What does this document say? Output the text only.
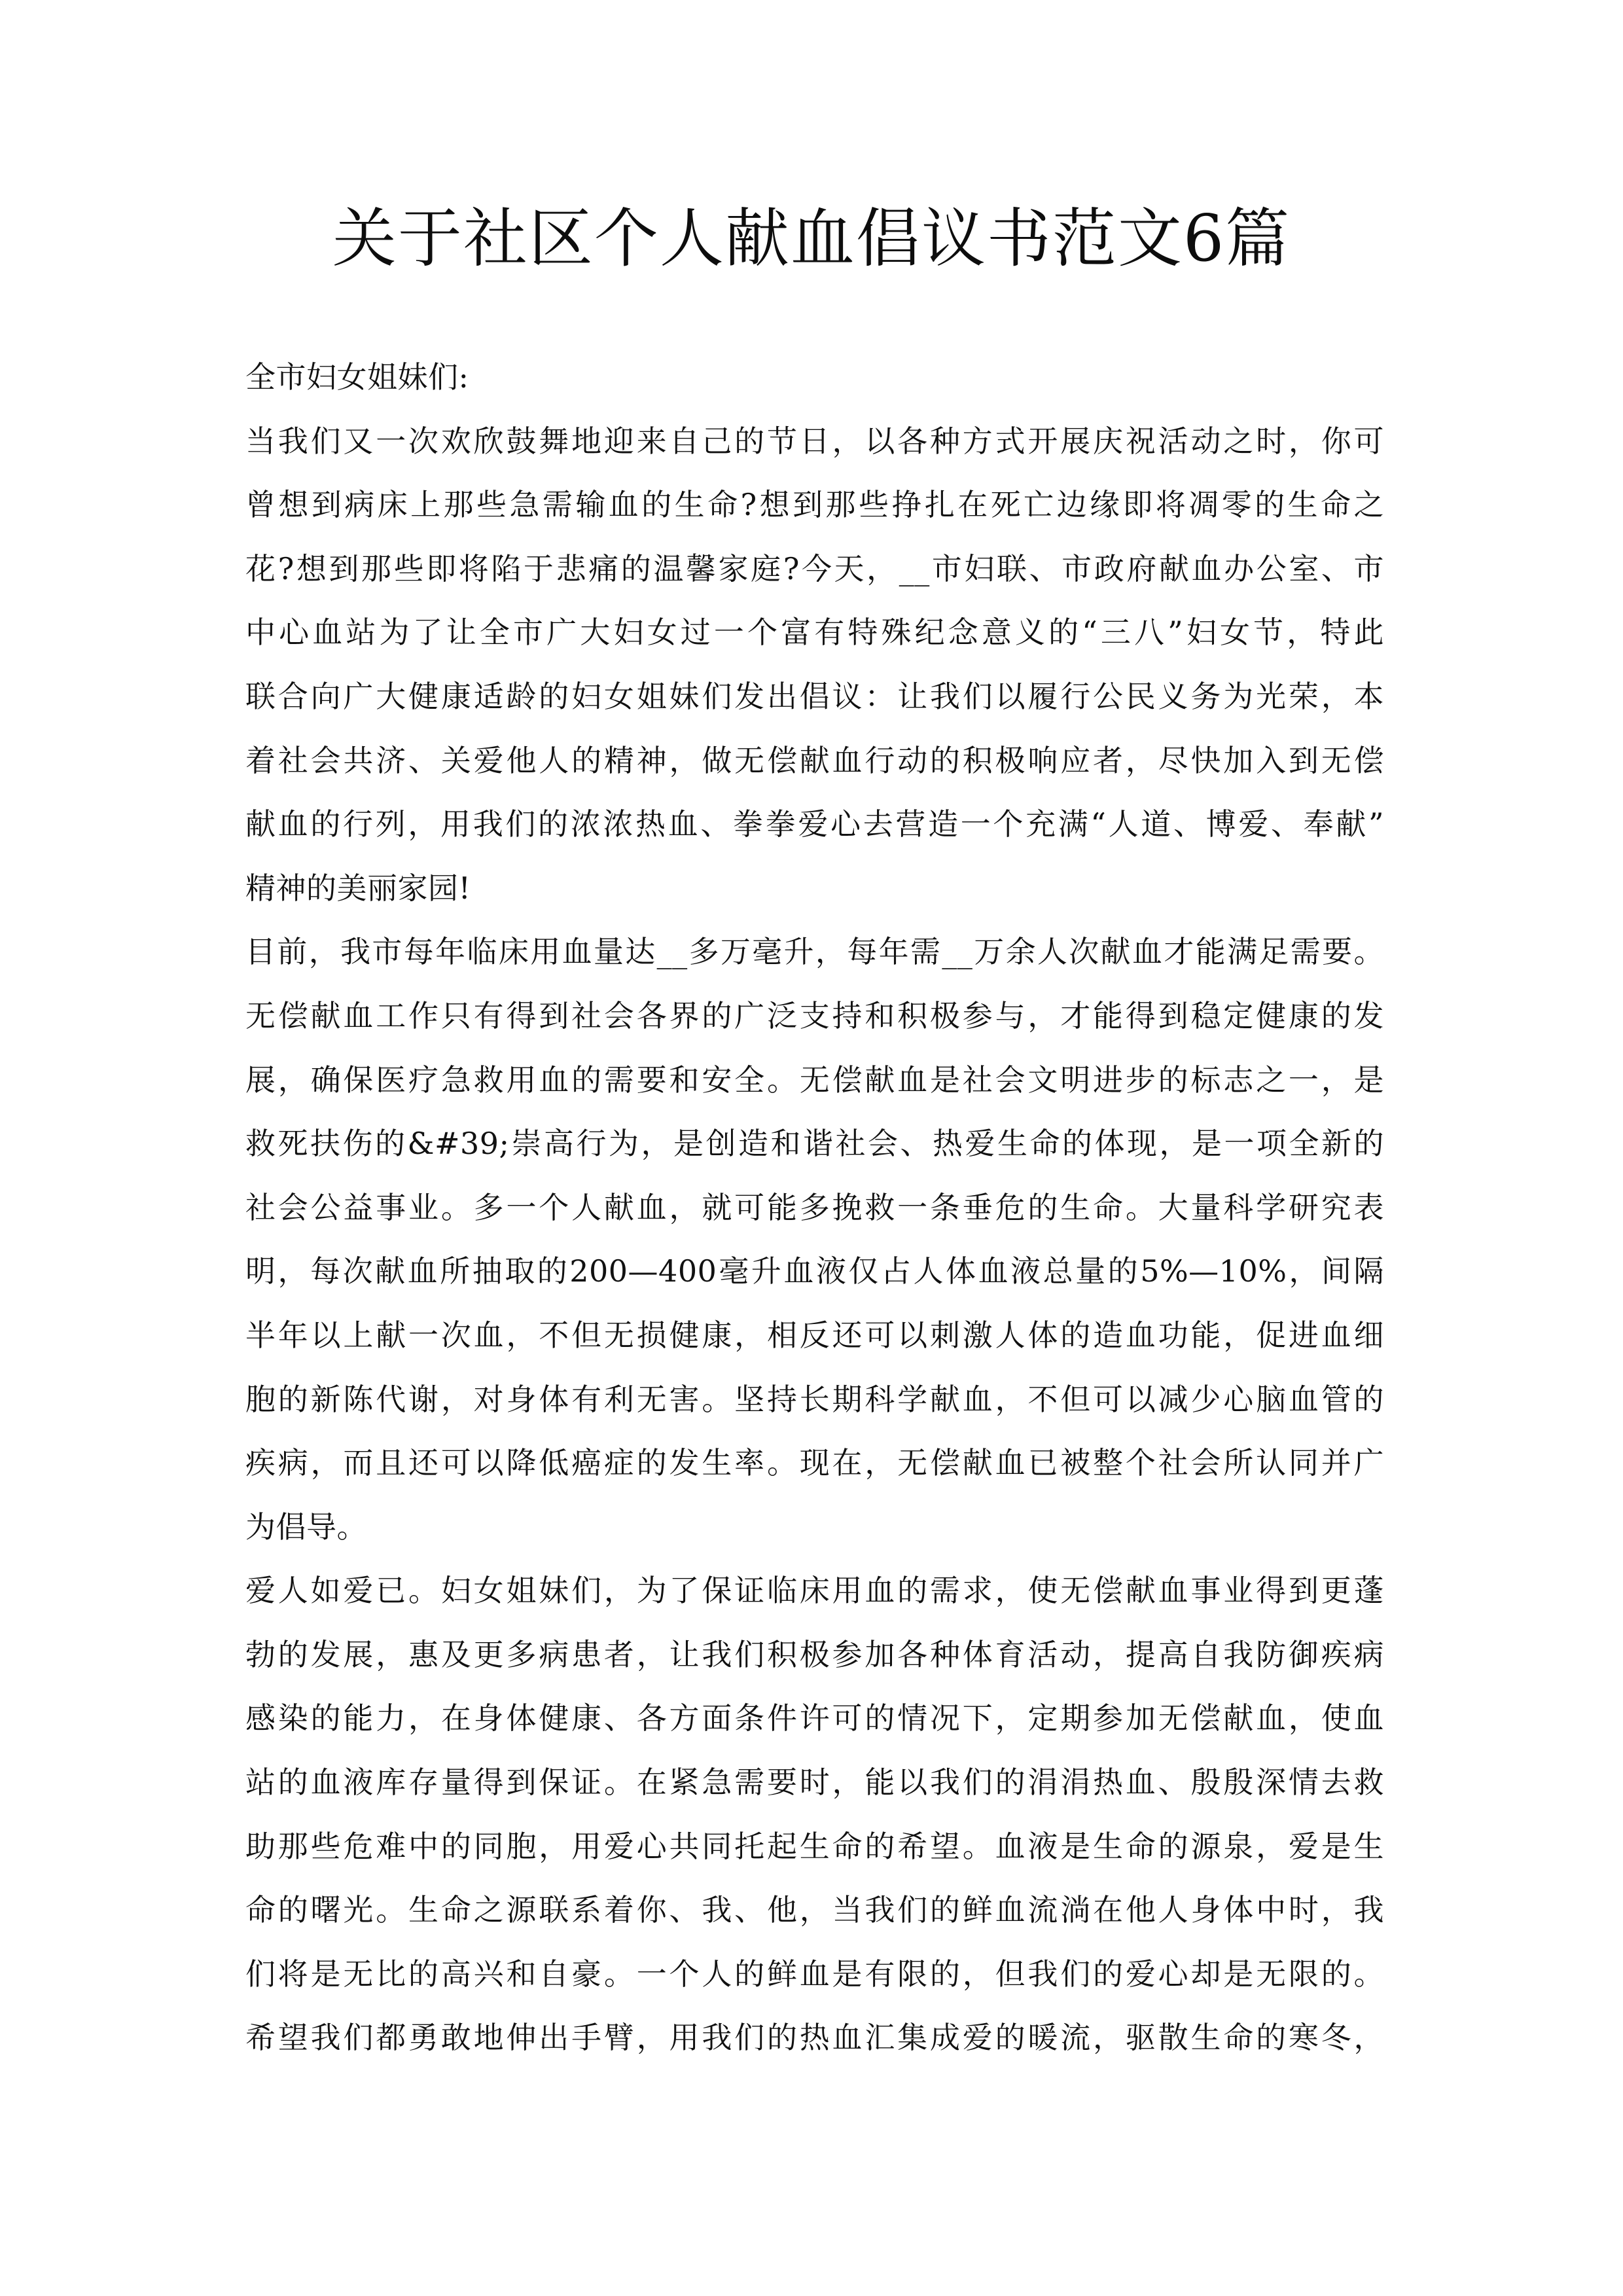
关于社区个人献血倡议书范文6篇
全市妇女姐妹们:
当我们又一次欢欣鼓舞地迎来自己的节日，以各种方式开展庆祝活动之时，你可
曾想到病床上那些急需输血的生命?想到那些挣扎在死亡边缘即将凋零的生命之
花?想到那些即将陷于悲痛的温馨家庭?今天，__市妇联、市政府献血办公室、市
中心血站为了让全市广大妇女过一个富有特殊纪念意义的“三八”妇女节，特此
联合向广大健康适龄的妇女姐妹们发出倡议：让我们以履行公民义务为光荣，本
着社会共济、关爱他人的精神，做无偿献血行动的积极响应者，尽快加入到无偿
献血的行列，用我们的浓浓热血、拳拳爱心去营造一个充满“人道、博爱、奉献”
精神的美丽家园!
目前，我市每年临床用血量达__多万毫升，每年需__万余人次献血才能满足需要。
无偿献血工作只有得到社会各界的广泛支持和积极参与，才能得到稳定健康的发
展，确保医疗急救用血的需要和安全。无偿献血是社会文明进步的标志之一，是
救死扶伤的&#39;崇高行为，是创造和谐社会、热爱生命的体现，是一项全新的
社会公益事业。多一个人献血，就可能多挽救一条垂危的生命。大量科学研究表
明，每次献血所抽取的200—400毫升血液仅占人体血液总量的5%—10%，间隔
半年以上献一次血，不但无损健康，相反还可以刺激人体的造血功能，促进血细
胞的新陈代谢，对身体有利无害。坚持长期科学献血，不但可以减少心脑血管的
疾病，而且还可以降低癌症的发生率。现在，无偿献血已被整个社会所认同并广
为倡导。
爱人如爱已。妇女姐妹们，为了保证临床用血的需求，使无偿献血事业得到更蓬
勃的发展，惠及更多病患者，让我们积极参加各种体育活动，提高自我防御疾病
感染的能力，在身体健康、各方面条件许可的情况下，定期参加无偿献血，使血
站的血液库存量得到保证。在紧急需要时，能以我们的涓涓热血、殷殷深情去救
助那些危难中的同胞，用爱心共同托起生命的希望。血液是生命的源泉，爱是生
命的曙光。生命之源联系着你、我、他，当我们的鲜血流淌在他人身体中时，我
们将是无比的高兴和自豪。一个人的鲜血是有限的，但我们的爱心却是无限的。
希望我们都勇敢地伸出手臂，用我们的热血汇集成爱的暖流，驱散生命的寒冬，
